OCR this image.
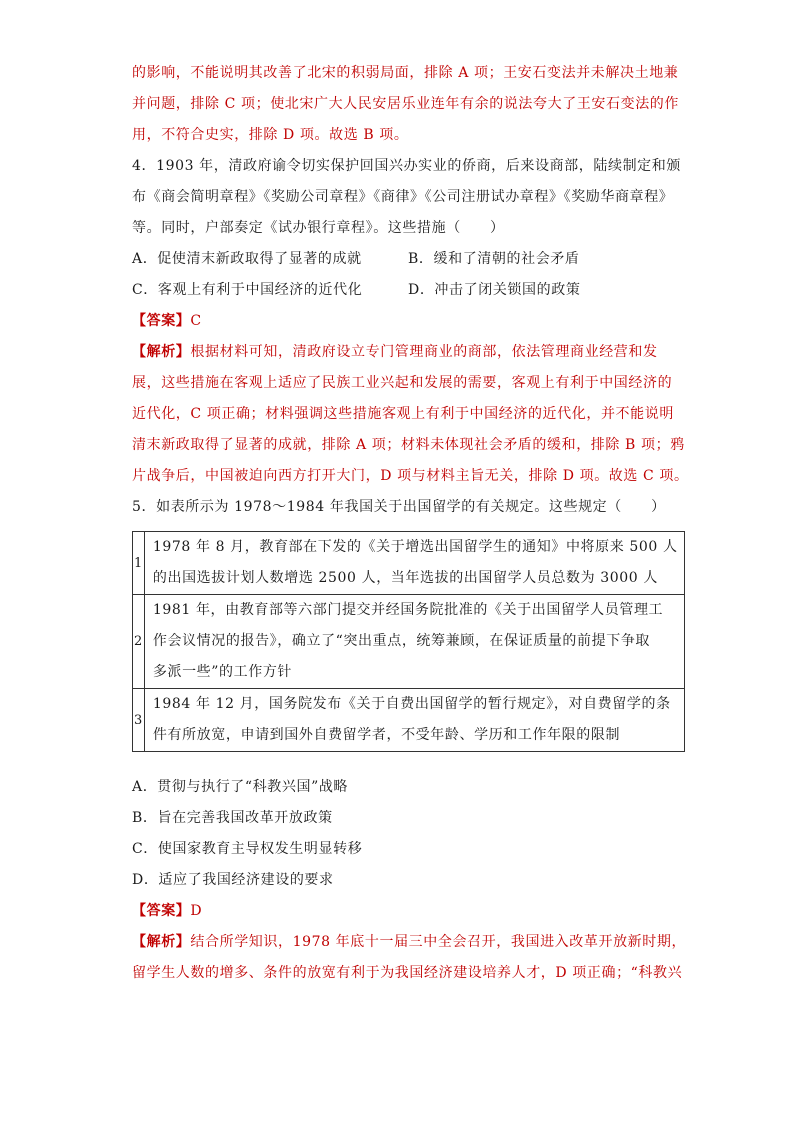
的影响，不能说明其改善了北宋的积弱局面，排除 A 项；王安石变法并未解决土地兼
并问题，排除 C 项；使北宋广大人民安居乐业连年有余的说法夸大了王安石变法的作
用，不符合史实，排除 D 项。故选 B 项。
4．1903 年，清政府谕令切实保护回国兴办实业的侨商，后来设商部，陆续制定和颁
布《商会简明章程》《奖励公司章程》《商律》《公司注册试办章程》《奖励华商章程》
等。同时，户部奏定《试办银行章程》。这些措施（　　）
A．促使清末新政取得了显著的成就	B．缓和了清朝的社会矛盾
C．客观上有利于中国经济的近代化	D．冲击了闭关锁国的政策
【答案】C
【解析】根据材料可知，清政府设立专门管理商业的商部，依法管理商业经营和发
展，这些措施在客观上适应了民族工业兴起和发展的需要，客观上有利于中国经济的
近代化，C 项正确；材料强调这些措施客观上有利于中国经济的近代化，并不能说明
清末新政取得了显著的成就，排除 A 项；材料未体现社会矛盾的缓和，排除 B 项；鸦
片战争后，中国被迫向西方打开大门，D 项与材料主旨无关，排除 D 项。故选 C 项。
5．如表所示为 1978～1984 年我国关于出国留学的有关规定。这些规定（　　）
1	1978 年 8 月，教育部在下发的《关于增选出国留学生的通知》中将原来 500 人
的出国选拔计划人数增选 2500 人，当年选拔的出国留学人员总数为 3000 人

2	1981 年，由教育部等六部门提交并经国务院批准的《关于出国留学人员管理工
作会议情况的报告》，确立了“突出重点，统筹兼顾，在保证质量的前提下争取
多派一些”的工作方针

3	1984 年 12 月，国务院发布《关于自费出国留学的暂行规定》，对自费留学的条
件有所放宽，申请到国外自费留学者，不受年龄、学历和工作年限的限制
A．贯彻与执行了“科教兴国”战略
B．旨在完善我国改革开放政策
C．使国家教育主导权发生明显转移
D．适应了我国经济建设的要求
【答案】D
【解析】结合所学知识，1978 年底十一届三中全会召开，我国进入改革开放新时期，
留学生人数的增多、条件的放宽有利于为我国经济建设培养人才，D 项正确；“科教兴
